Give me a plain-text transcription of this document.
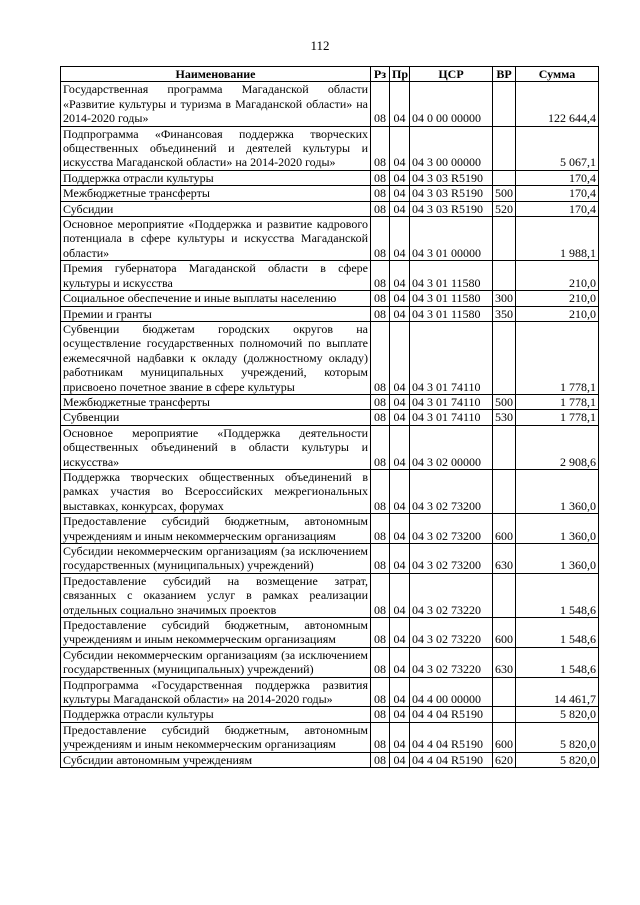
112
Наименование	Рз	Пр	ЦСР	ВР	Сумма
Государственная программа Магаданской области «Развитие культуры и туризма в Магаданской области» на 2014-2020 годы»	08	04	04 0 00 00000		122 644,4
Подпрограмма «Финансовая поддержка творческих общественных объединений и деятелей культуры и искусства Магаданской области» на 2014-2020 годы»	08	04	04 3 00 00000		5 067,1
Поддержка отрасли культуры	08	04	04 3 03 R5190		170,4
Межбюджетные трансферты	08	04	04 3 03 R5190	500	170,4
Субсидии	08	04	04 3 03 R5190	520	170,4
Основное мероприятие «Поддержка и развитие кадрового потенциала в сфере культуры и искусства Магаданской области»	08	04	04 3 01 00000		1 988,1
Премия губернатора Магаданской области в сфере культуры и искусства	08	04	04 3 01 11580		210,0
Социальное обеспечение и иные выплаты населению	08	04	04 3 01 11580	300	210,0
Премии и гранты	08	04	04 3 01 11580	350	210,0
Субвенции бюджетам городских округов на осуществление государственных полномочий по выплате ежемесячной надбавки к окладу (должностному окладу) работникам муниципальных учреждений, которым присвоено почетное звание в сфере культуры	08	04	04 3 01 74110		1 778,1
Межбюджетные трансферты	08	04	04 3 01 74110	500	1 778,1
Субвенции	08	04	04 3 01 74110	530	1 778,1
Основное мероприятие «Поддержка деятельности общественных объединений в области культуры и искусства»	08	04	04 3 02 00000		2 908,6
Поддержка творческих общественных объединений в рамках участия во Всероссийских межрегиональных выставках, конкурсах, форумах	08	04	04 3 02 73200		1 360,0
Предоставление субсидий бюджетным, автономным учреждениям и иным некоммерческим организациям	08	04	04 3 02 73200	600	1 360,0
Субсидии некоммерческим организациям (за исключением государственных (муниципальных) учреждений)	08	04	04 3 02 73200	630	1 360,0
Предоставление субсидий на возмещение затрат, связанных с оказанием услуг в рамках реализации отдельных социально значимых проектов	08	04	04 3 02 73220		1 548,6
Предоставление субсидий бюджетным, автономным учреждениям и иным некоммерческим организациям	08	04	04 3 02 73220	600	1 548,6
Субсидии некоммерческим организациям (за исключением государственных (муниципальных) учреждений)	08	04	04 3 02 73220	630	1 548,6
Подпрограмма «Государственная поддержка развития культуры Магаданской области» на 2014-2020 годы»	08	04	04 4 00 00000		14 461,7
Поддержка отрасли культуры	08	04	04 4 04 R5190		5 820,0
Предоставление субсидий бюджетным, автономным учреждениям и иным некоммерческим организациям	08	04	04 4 04 R5190	600	5 820,0
Субсидии автономным учреждениям	08	04	04 4 04 R5190	620	5 820,0
